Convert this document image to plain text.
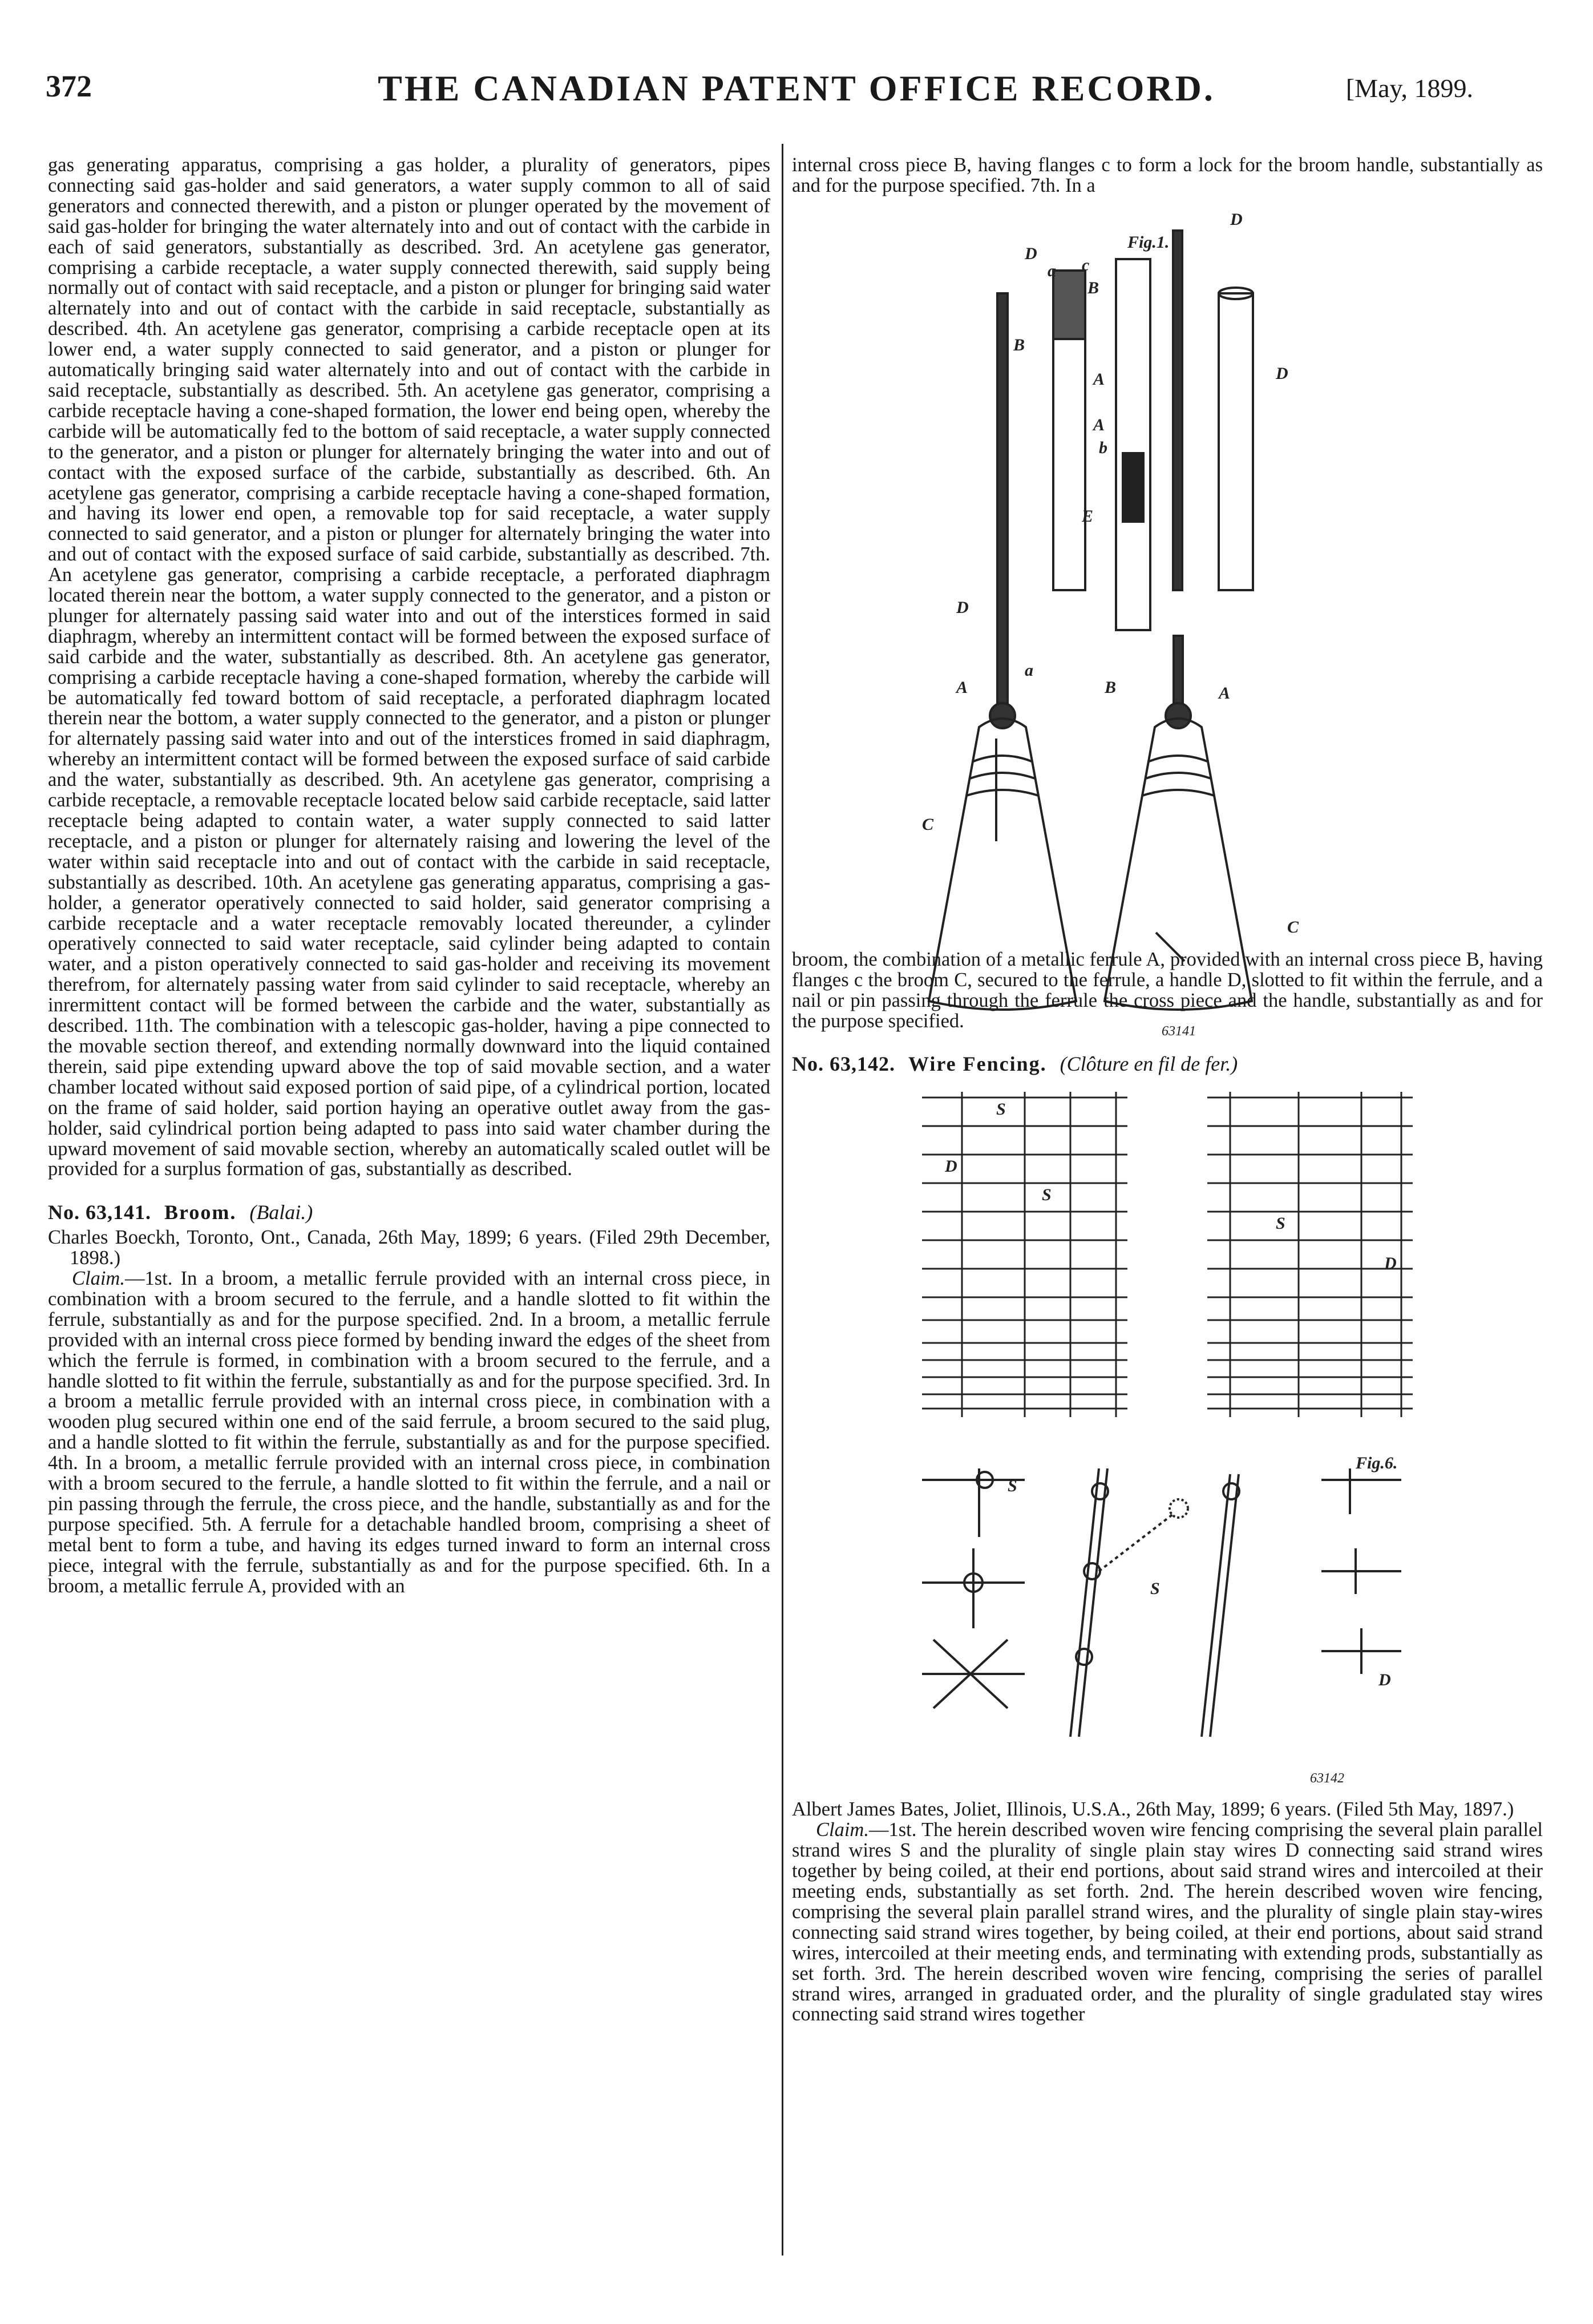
372	THE CANADIAN PATENT OFFICE RECORD.	[May, 1899.

gas generating apparatus, comprising a gas holder, a plurality of generators, pipes connecting said gas-holder and said generators, a water supply common to all of said generators and connected therewith, and a piston or plunger operated by the movement of said gas-holder for bringing the water alternately into and out of contact with the carbide in each of said generators, substantially as described. 3rd. An acetylene gas generator, comprising a carbide receptacle, a water supply connected therewith, said supply being normally out of contact with said receptacle, and a piston or plunger for bringing said water alternately into and out of contact with the carbide in said receptacle, substantially as described. 4th. An acetylene gas generator, comprising a carbide receptacle open at its lower end, a water supply connected to said generator, and a piston or plunger for automatically bringing said water alternately into and out of contact with the carbide in said receptacle, substantially as described. 5th. An acetylene gas generator, comprising a carbide receptacle having a cone-shaped formation, the lower end being open, whereby the carbide will be automatically fed to the bottom of said receptacle, a water supply connected to the generator, and a piston or plunger for alternately bringing the water into and out of contact with the exposed surface of the carbide, substantially as described. 6th. An acetylene gas generator, comprising a carbide receptacle having a cone-shaped formation, and having its lower end open, a removable top for said receptacle, a water supply connected to said generator, and a piston or plunger for alternately bringing the water into and out of contact with the exposed surface of said carbide, substantially as described. 7th. An acetylene gas generator, comprising a carbide receptacle, a perforated diaphragm located therein near the bottom, a water supply connected to the generator, and a piston or plunger for alternately passing said water into and out of the interstices formed in said diaphragm, whereby an intermittent contact will be formed between the exposed surface of said carbide and the water, substantially as described. 8th. An acetylene gas generator, comprising a carbide receptacle having a cone-shaped formation, whereby the carbide will be automatically fed toward bottom of said receptacle, a perforated diaphragm located therein near the bottom, a water supply connected to the generator, and a piston or plunger for alternately passing said water into and out of the interstices fromed in said diaphragm, whereby an intermittent contact will be formed between the exposed surface of said carbide and the water, substantially as described. 9th. An acetylene gas generator, comprising a carbide receptacle, a removable receptacle located below said carbide receptacle, said latter receptacle being adapted to contain water, a water supply connected to said latter receptacle, and a piston or plunger for alternately raising and lowering the level of the water within said receptacle into and out of contact with the carbide in said receptacle, substantially as described. 10th. An acetylene gas generating apparatus, comprising a gas-holder, a generator operatively connected to said holder, said generator comprising a carbide receptacle and a water receptacle removably located thereunder, a cylinder operatively connected to said water receptacle, said cylinder being adapted to contain water, and a piston operatively connected to said gas-holder and receiving its movement therefrom, for alternately passing water from said cylinder to said receptacle, whereby an inrermittent contact will be formed between the carbide and the water, substantially as described. 11th. The combination with a telescopic gas-holder, having a pipe connected to the movable section thereof, and extending normally downward into the liquid contained therein, said pipe extending upward above the top of said movable section, and a water chamber located without said exposed portion of said pipe, of a cylindrical portion, located on the frame of said holder, said portion haying an operative outlet away from the gas-holder, said cylindrical portion being adapted to pass into said water chamber during the upward movement of said movable section, whereby an automatically scaled outlet will be provided for a surplus formation of gas, substantially as described.

No. 63,141. Broom. (Balai.)

Charles Boeckh, Toronto, Ont., Canada, 26th May, 1899; 6 years. (Filed 29th December, 1898.)

Claim.—1st. In a broom, a metallic ferrule provided with an internal cross piece, in combination with a broom secured to the ferrule, and a handle slotted to fit within the ferrule, substantially as and for the purpose specified. 2nd. In a broom, a metallic ferrule provided with an internal cross piece formed by bending inward the edges of the sheet from which the ferrule is formed, in combination with a broom secured to the ferrule, and a handle slotted to fit within the ferrule, substantially as and for the purpose specified. 3rd. In a broom a metallic ferrule provided with an internal cross piece, in combination with a wooden plug secured within one end of the said ferrule, a broom secured to the said plug, and a handle slotted to fit within the ferrule, substantially as and for the purpose specified. 4th. In a broom, a metallic ferrule provided with an internal cross piece, in combination with a broom secured to the ferrule, a handle slotted to fit within the ferrule, and a nail or pin passing through the ferrule, the cross piece, and the handle, substantially as and for the purpose specified. 5th. A ferrule for a detachable handled broom, comprising a sheet of metal bent to form a tube, and having its edges turned inward to form an internal cross piece, integral with the ferrule, substantially as and for the purpose specified. 6th. In a broom, a metallic ferrule A, provided with an

internal cross piece B, having flanges c to form a lock for the broom handle, substantially as and for the purpose specified. 7th. In a

Fig.1.
D
D
D
D
B
B
B
A
A
A	A
c
a
a
b
E
C
C
63141

broom, the combination of a metallic ferrule A, provided with an internal cross piece B, having flanges c the broom C, secured to the ferrule, a handle D, slotted to fit within the ferrule, and a nail or pin passing through the ferrule the cross piece and the handle, substantially as and for the purpose specified.

No. 63,142. Wire Fencing. (Clôture en fil de fer.)

Fig.6.
S
S
S
S
S
D
D
D
63142

Albert James Bates, Joliet, Illinois, U.S.A., 26th May, 1899; 6 years. (Filed 5th May, 1897.)

Claim.—1st. The herein described woven wire fencing comprising the several plain parallel strand wires S and the plurality of single plain stay wires D connecting said strand wires together by being coiled, at their end portions, about said strand wires and intercoiled at their meeting ends, substantially as set forth. 2nd. The herein described woven wire fencing, comprising the several plain parallel strand wires, and the plurality of single plain stay-wires connecting said strand wires together, by being coiled, at their end portions, about said strand wires, intercoiled at their meeting ends, and terminating with extending prods, substantially as set forth. 3rd. The herein described woven wire fencing, comprising the series of parallel strand wires, arranged in graduated order, and the plurality of single gradulated stay wires connecting said strand wires together
